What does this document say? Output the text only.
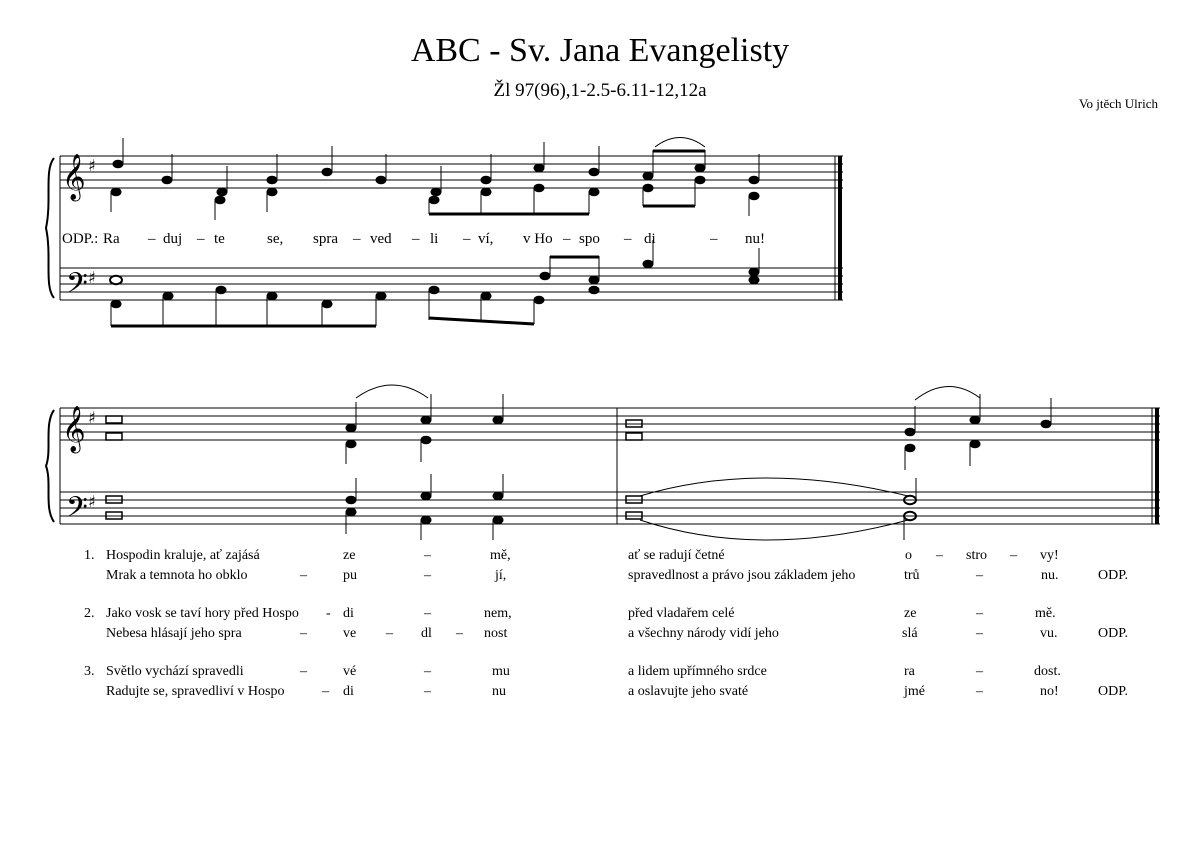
ABC - Sv. Jana Evangelisty
Žl 97(96),1-2.5-6.11-12,12a
Vo jtěch Ulrich
𝄞
𝄢
♯
♯
𝄞
𝄢
♯
♯
ODP.: Ra – duj – te	se, spra – ved – li – ví, v Ho – spo – di	– nu!
1. Hospodin kraluje, ať zajásá	ze	–	mě,	ať se radují četné	o – stro – vy!
Mrak a temnota ho obklo	–	pu	–	jí,	spravedlnost a právo jsou základem jeho	trů	–	nu.	ODP.
2. Jako vosk se taví hory před Hospo - di	–	nem,	před vladařem celé	ze	–	mě.
Nebesa hlásají jeho spra	–	ve – dl – nost	a všechny národy vidí jeho	slá	–	vu.	ODP.
3. Světlo vychází spravedli	–	vé	–	mu	a lidem upřímného srdce	ra	–	dost.
Radujte se, spravedliví v Hospo	– di	–	nu	a oslavujte jeho svaté	jmé	–	no!	ODP.
